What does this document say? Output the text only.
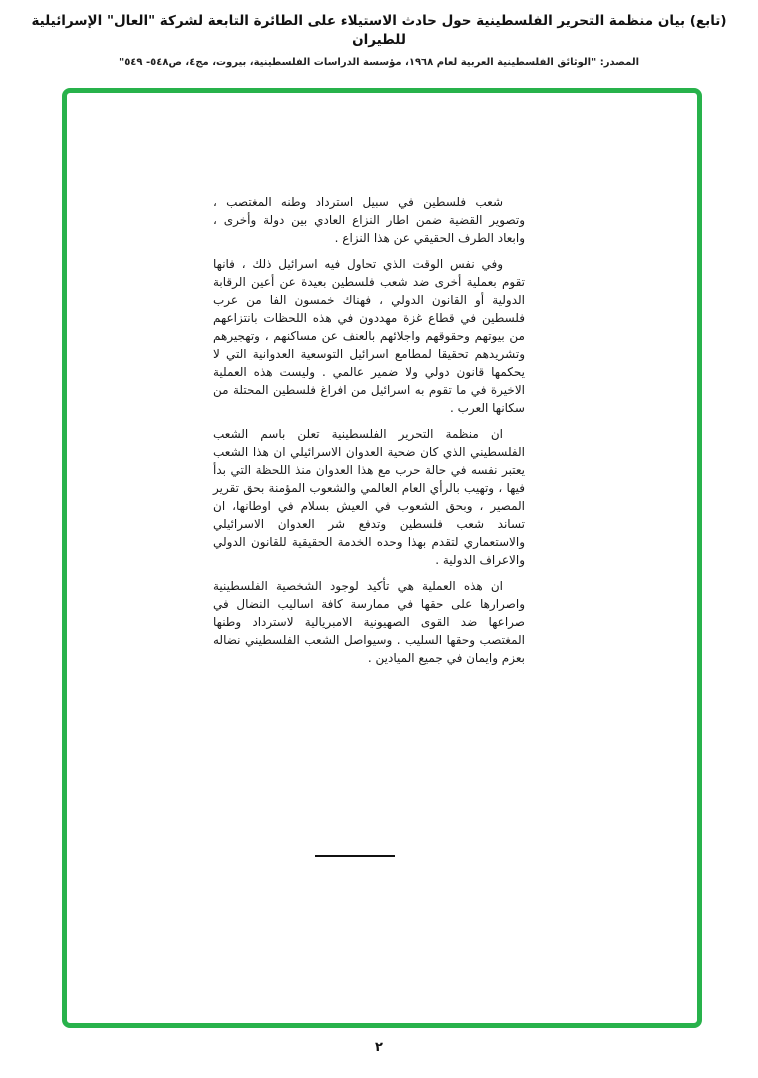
(تابع) بيان منظمة التحرير الفلسطينية حول حادث الاستيلاء على الطائرة التابعة لشركة "العال" الإسرائيلية للطيران
المصدر: "الوثائق الفلسطينية العربية لعام ١٩٦٨، مؤسسة الدراسات الفلسطينية، بيروت، مج٤، ص٥٤٨- ٥٤٩"

شعب فلسطين في سبيل استرداد وطنه المغتصب ، وتصوير القضية ضمن اطار النزاع العادي بين دولة وأخرى ، وابعاد الطرف الحقيقي عن هذا النزاع .

وفي نفس الوقت الذي تحاول فيه اسرائيل ذلك ، فانها تقوم بعملية أخرى ضد شعب فلسطين بعيدة عن أعين الرقابة الدولية أو القانون الدولي ، فهناك خمسون الفا من عرب فلسطين في قطاع غزة مهددون في هذه اللحظات بانتزاعهم من بيوتهم وحقوقهم واجلائهم بالعنف عن مساكنهم ، وتهجيرهم وتشريدهم تحقيقا لمطامع اسرائيل التوسعية العدوانية التي لا يحكمها قانون دولي ولا ضمير عالمي . وليست هذه العملية الاخيرة في ما تقوم به اسرائيل من افراغ فلسطين المحتلة من سكانها العرب .

ان منظمة التحرير الفلسطينية تعلن باسم الشعب الفلسطيني الذي كان ضحية العدوان الاسرائيلي ان هذا الشعب يعتبر نفسه في حالة حرب مع هذا العدوان منذ اللحظة التي بدأ فيها ، وتهيب بالرأي العام العالمي والشعوب المؤمنة بحق تقرير المصير ، وبحق الشعوب في العيش بسلام في اوطانها، ان تساند شعب فلسطين وتدفع شر العدوان الاسرائيلي والاستعماري لتقدم بهذا وحده الخدمة الحقيقية للقانون الدولي والاعراف الدولية .

ان هذه العملية هي تأكيد لوجود الشخصية الفلسطينية واصرارها على حقها في ممارسة كافة اساليب النضال في صراعها ضد القوى الصهيونية الامبريالية لاسترداد وطنها المغتصب وحقها السليب . وسيواصل الشعب الفلسطيني نضاله بعزم وايمان في جميع الميادين .

٢
